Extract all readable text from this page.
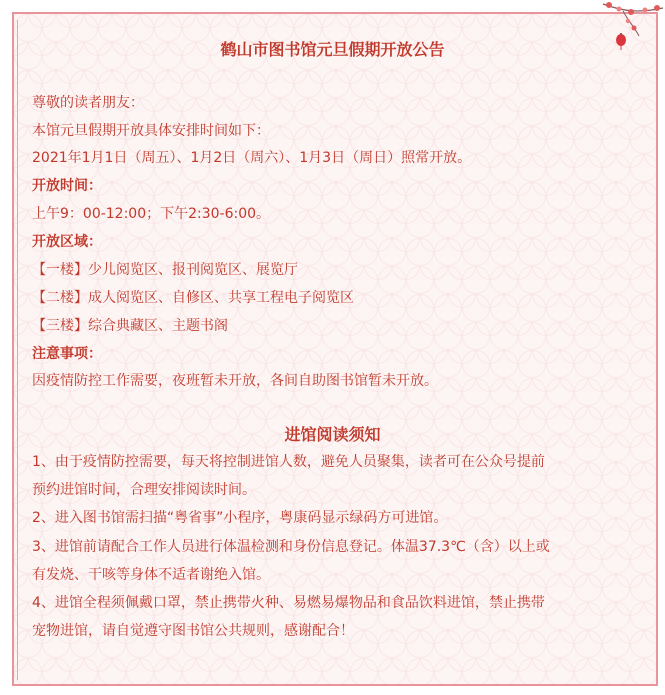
鹤山市图书馆元旦假期开放公告
尊敬的读者朋友：
本馆元旦假期开放具体安排时间如下：
2021年1月1日（周五）、1月2日（周六）、1月3日（周日）照常开放。
开放时间：
上午9：00-12:00；下午2:30-6:00。
开放区域：
【一楼】少儿阅览区、报刊阅览区、展览厅
【二楼】成人阅览区、自修区、共享工程电子阅览区
【三楼】综合典藏区、主题书阁
注意事项：
因疫情防控工作需要，夜班暂未开放，各间自助图书馆暂未开放。
进馆阅读须知
1、由于疫情防控需要，每天将控制进馆人数，避免人员聚集，读者可在公众号提前
预约进馆时间，合理安排阅读时间。
2、进入图书馆需扫描“粤省事”小程序，粤康码显示绿码方可进馆。
3、进馆前请配合工作人员进行体温检测和身份信息登记。体温37.3℃（含）以上或
有发烧、干咳等身体不适者谢绝入馆。
4、进馆全程须佩戴口罩，禁止携带火种、易燃易爆物品和食品饮料进馆，禁止携带
宠物进馆，请自觉遵守图书馆公共规则，感谢配合！
